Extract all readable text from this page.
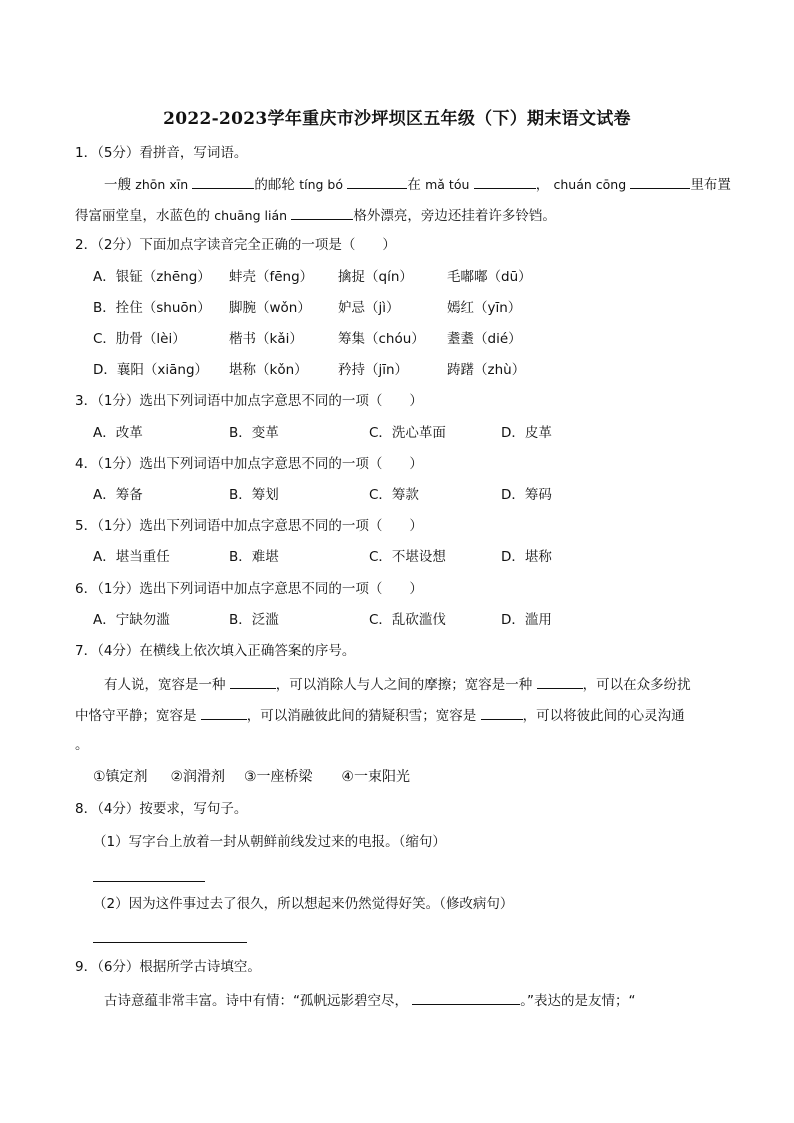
2022-2023学年重庆市沙坪坝区五年级（下）期末语文试卷
1．（5分）看拼音，写词语。
一艘 zhōn xīn	的邮轮 tíng bó	在 mǎ tóu	， chuán cōng	里布置
得富丽堂皇，水蓝色的 chuāng lián	格外漂亮，旁边还挂着许多铃铛。
2．（2分）下面加点字读音完全正确的一项是（　　）
A．银钲（zhēng） 蚌壳（fēng） 擒捉（qín）	毛嘟嘟（dū）
B．拴住（shuōn） 脚腕（wǒn） 妒忌（jì）	嫣红（yīn）
C．肋骨（lèi）	楷书（kǎi）	筹集（chóu） 耋耋（dié）
D．襄阳（xiāng） 堪称（kǒn） 矜持（jīn）	踌躇（zhù）
3．（1分）选出下列词语中加点字意思不同的一项（　　）
A．改革	B．变革	C．洗心革面	D．皮革
4．（1分）选出下列词语中加点字意思不同的一项（　　）
A．筹备	B．筹划	C．筹款	D．筹码
5．（1分）选出下列词语中加点字意思不同的一项（　　）
A．堪当重任	B．难堪	C．不堪设想	D．堪称
6．（1分）选出下列词语中加点字意思不同的一项（　　）
A．宁缺勿滥	B．泛滥	C．乱砍滥伐	D．滥用
7．（4分）在横线上依次填入正确答案的序号。
有人说，宽容是一种	，可以消除人与人之间的摩擦；宽容是一种	，可以在众多纷扰
中恪守平静；宽容是	，可以消融彼此间的猜疑积雪；宽容是	，可以将彼此间的心灵沟通
。
①镇定剂 ②润滑剂 ③一座桥梁 ④一束阳光
8．（4分）按要求，写句子。
（1）写字台上放着一封从朝鲜前线发过来的电报。（缩句）
（2）因为这件事过去了很久，所以想起来仍然觉得好笑。（修改病句）
9．（6分）根据所学古诗填空。
古诗意蕴非常丰富。诗中有情：“孤帆远影碧空尽，	。”表达的是友情；“
